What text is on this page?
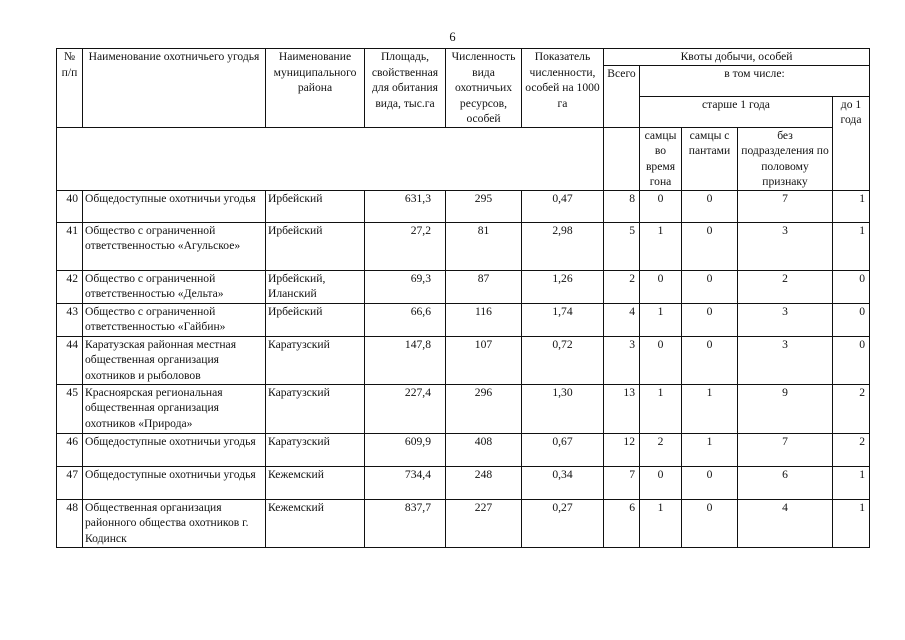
6
№ п/п	Наименование охотничьего угодья	Наименование муниципального района	Площадь, свойственная для обитания вида, тыс.га	Численность вида охотничьих ресурсов, особей	Показатель численности, особей на 1000 га	Квоты добычи, особей				
						Всего	в том числе:			
							старше 1 года			до 1 года
							самцы во время гона	самцы с пантами	без подразделения по половому признаку	
40	Общедоступные охотничьи угодья	Ирбейский	631,3	295	0,47	8	0	0	7	1
41	Общество с ограниченной ответственностью «Агульское»	Ирбейский	27,2	81	2,98	5	1	0	3	1
42	Общество с ограниченной ответственностью «Дельта»	Ирбейский, Иланский	69,3	87	1,26	2	0	0	2	0
43	Общество с ограниченной ответственностью «Гайбин»	Ирбейский	66,6	116	1,74	4	1	0	3	0
44	Каратузская районная местная общественная организация охотников и рыболовов	Каратузский	147,8	107	0,72	3	0	0	3	0
45	Красноярская региональная общественная организация охотников «Природа»	Каратузский	227,4	296	1,30	13	1	1	9	2
46	Общедоступные охотничьи угодья	Каратузский	609,9	408	0,67	12	2	1	7	2
47	Общедоступные охотничьи угодья	Кежемский	734,4	248	0,34	7	0	0	6	1
48	Общественная организация районного общества охотников г. Кодинск	Кежемский	837,7	227	0,27	6	1	0	4	1
